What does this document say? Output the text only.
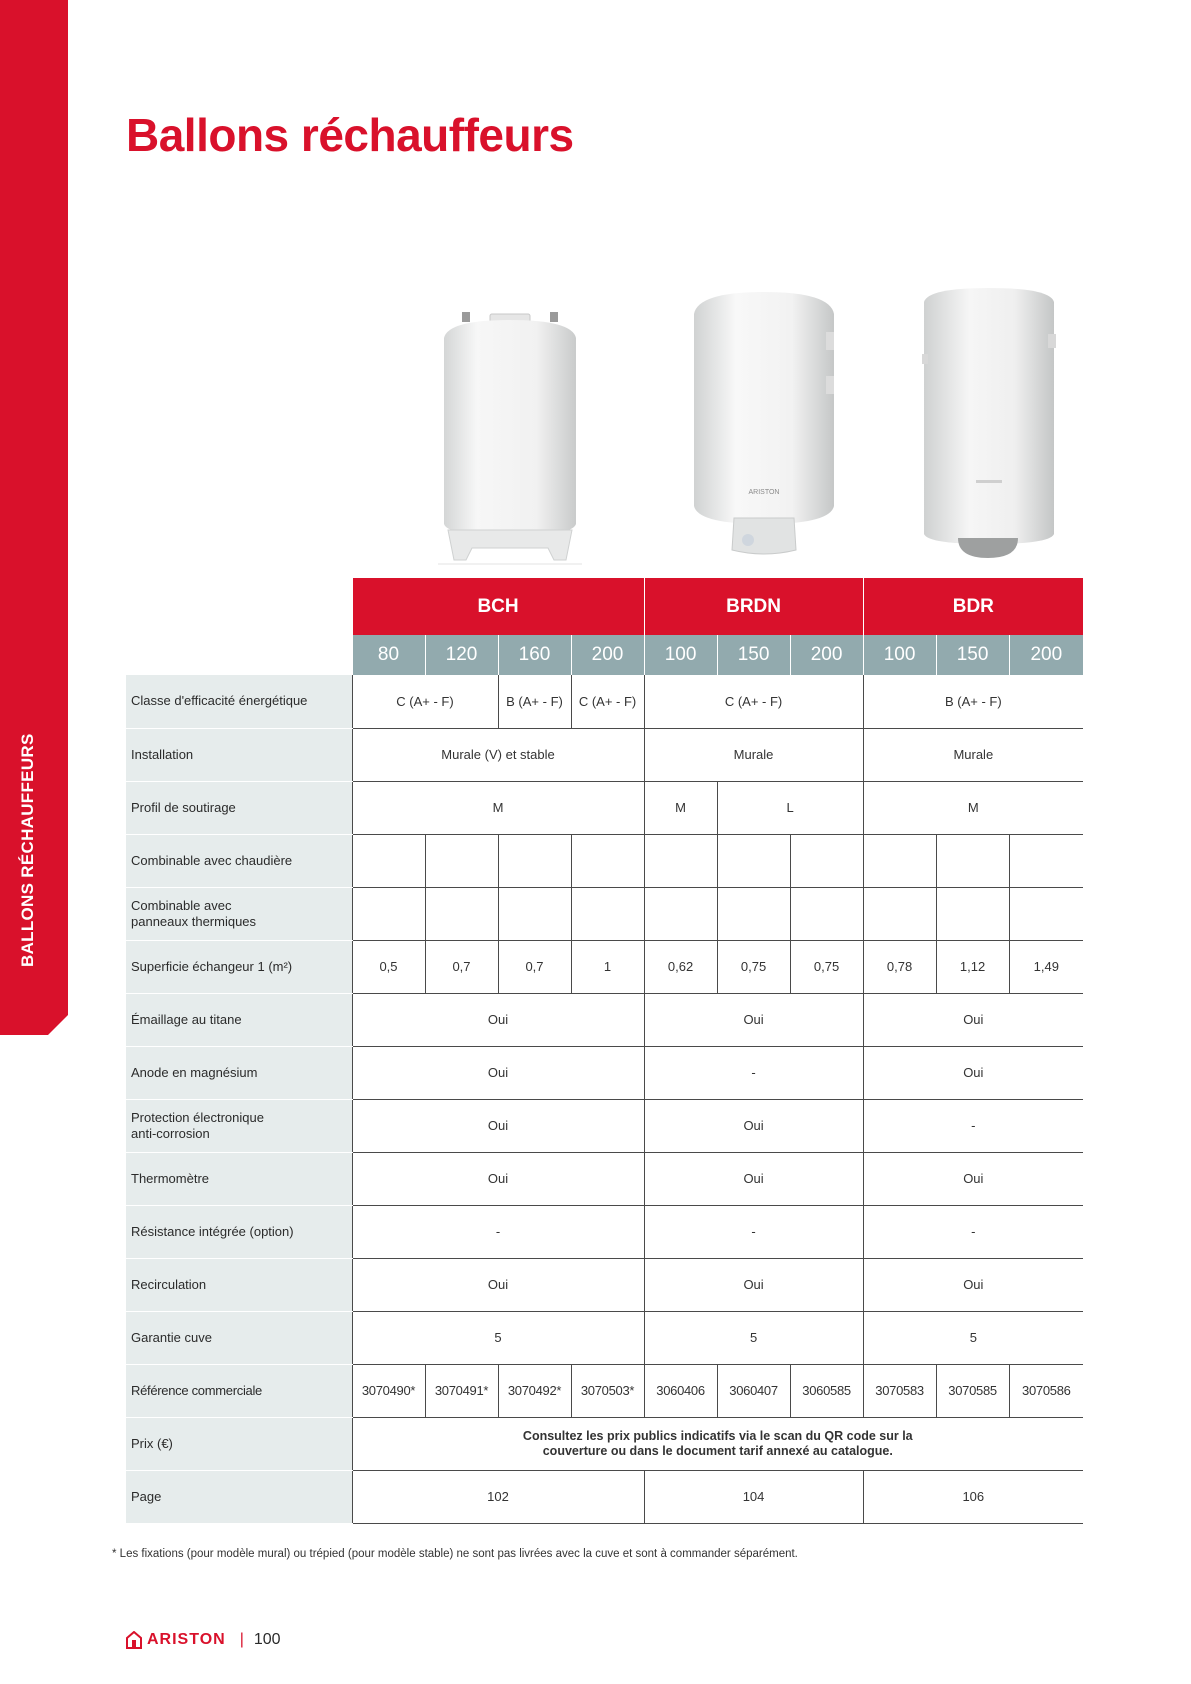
BALLONS RÉCHAUFFEURS
Ballons réchauffeurs
ARISTON
	BCH				BRDN			BDR		
	80	120	160	200	100	150	200	100	150	200
Classe d'efficacité énergétique	C (A+ - F)		B (A+ - F)	C (A+ - F)	C (A+ - F)			B (A+ - F)		
Installation	Murale (V) et stable				Murale			Murale		
Profil de soutirage	M				M	L		M		
Combinable avec chaudière										
Combinable avec
panneaux thermiques										
Superficie échangeur 1 (m²)	0,5	0,7	0,7	1	0,62	0,75	0,75	0,78	1,12	1,49
Émaillage au titane	Oui				Oui			Oui		
Anode en magnésium	Oui				-			Oui		
Protection électronique
anti-corrosion	Oui				Oui			-		
Thermomètre	Oui				Oui			Oui		
Résistance intégrée (option)	-				-			-		
Recirculation	Oui				Oui			Oui		
Garantie cuve	5				5			5		
Référence commerciale	3070490*	3070491*	3070492*	3070503*	3060406	3060407	3060585	3070583	3070585	3070586
Prix (€)	Consultez les prix publics indicatifs via le scan du QR code sur la
couverture ou dans le document tarif annexé au catalogue.									
Page	102				104			106		
* Les fixations (pour modèle mural) ou trépied (pour modèle stable) ne sont pas livrées avec la cuve et sont à commander séparément.
ARISTON | 100
